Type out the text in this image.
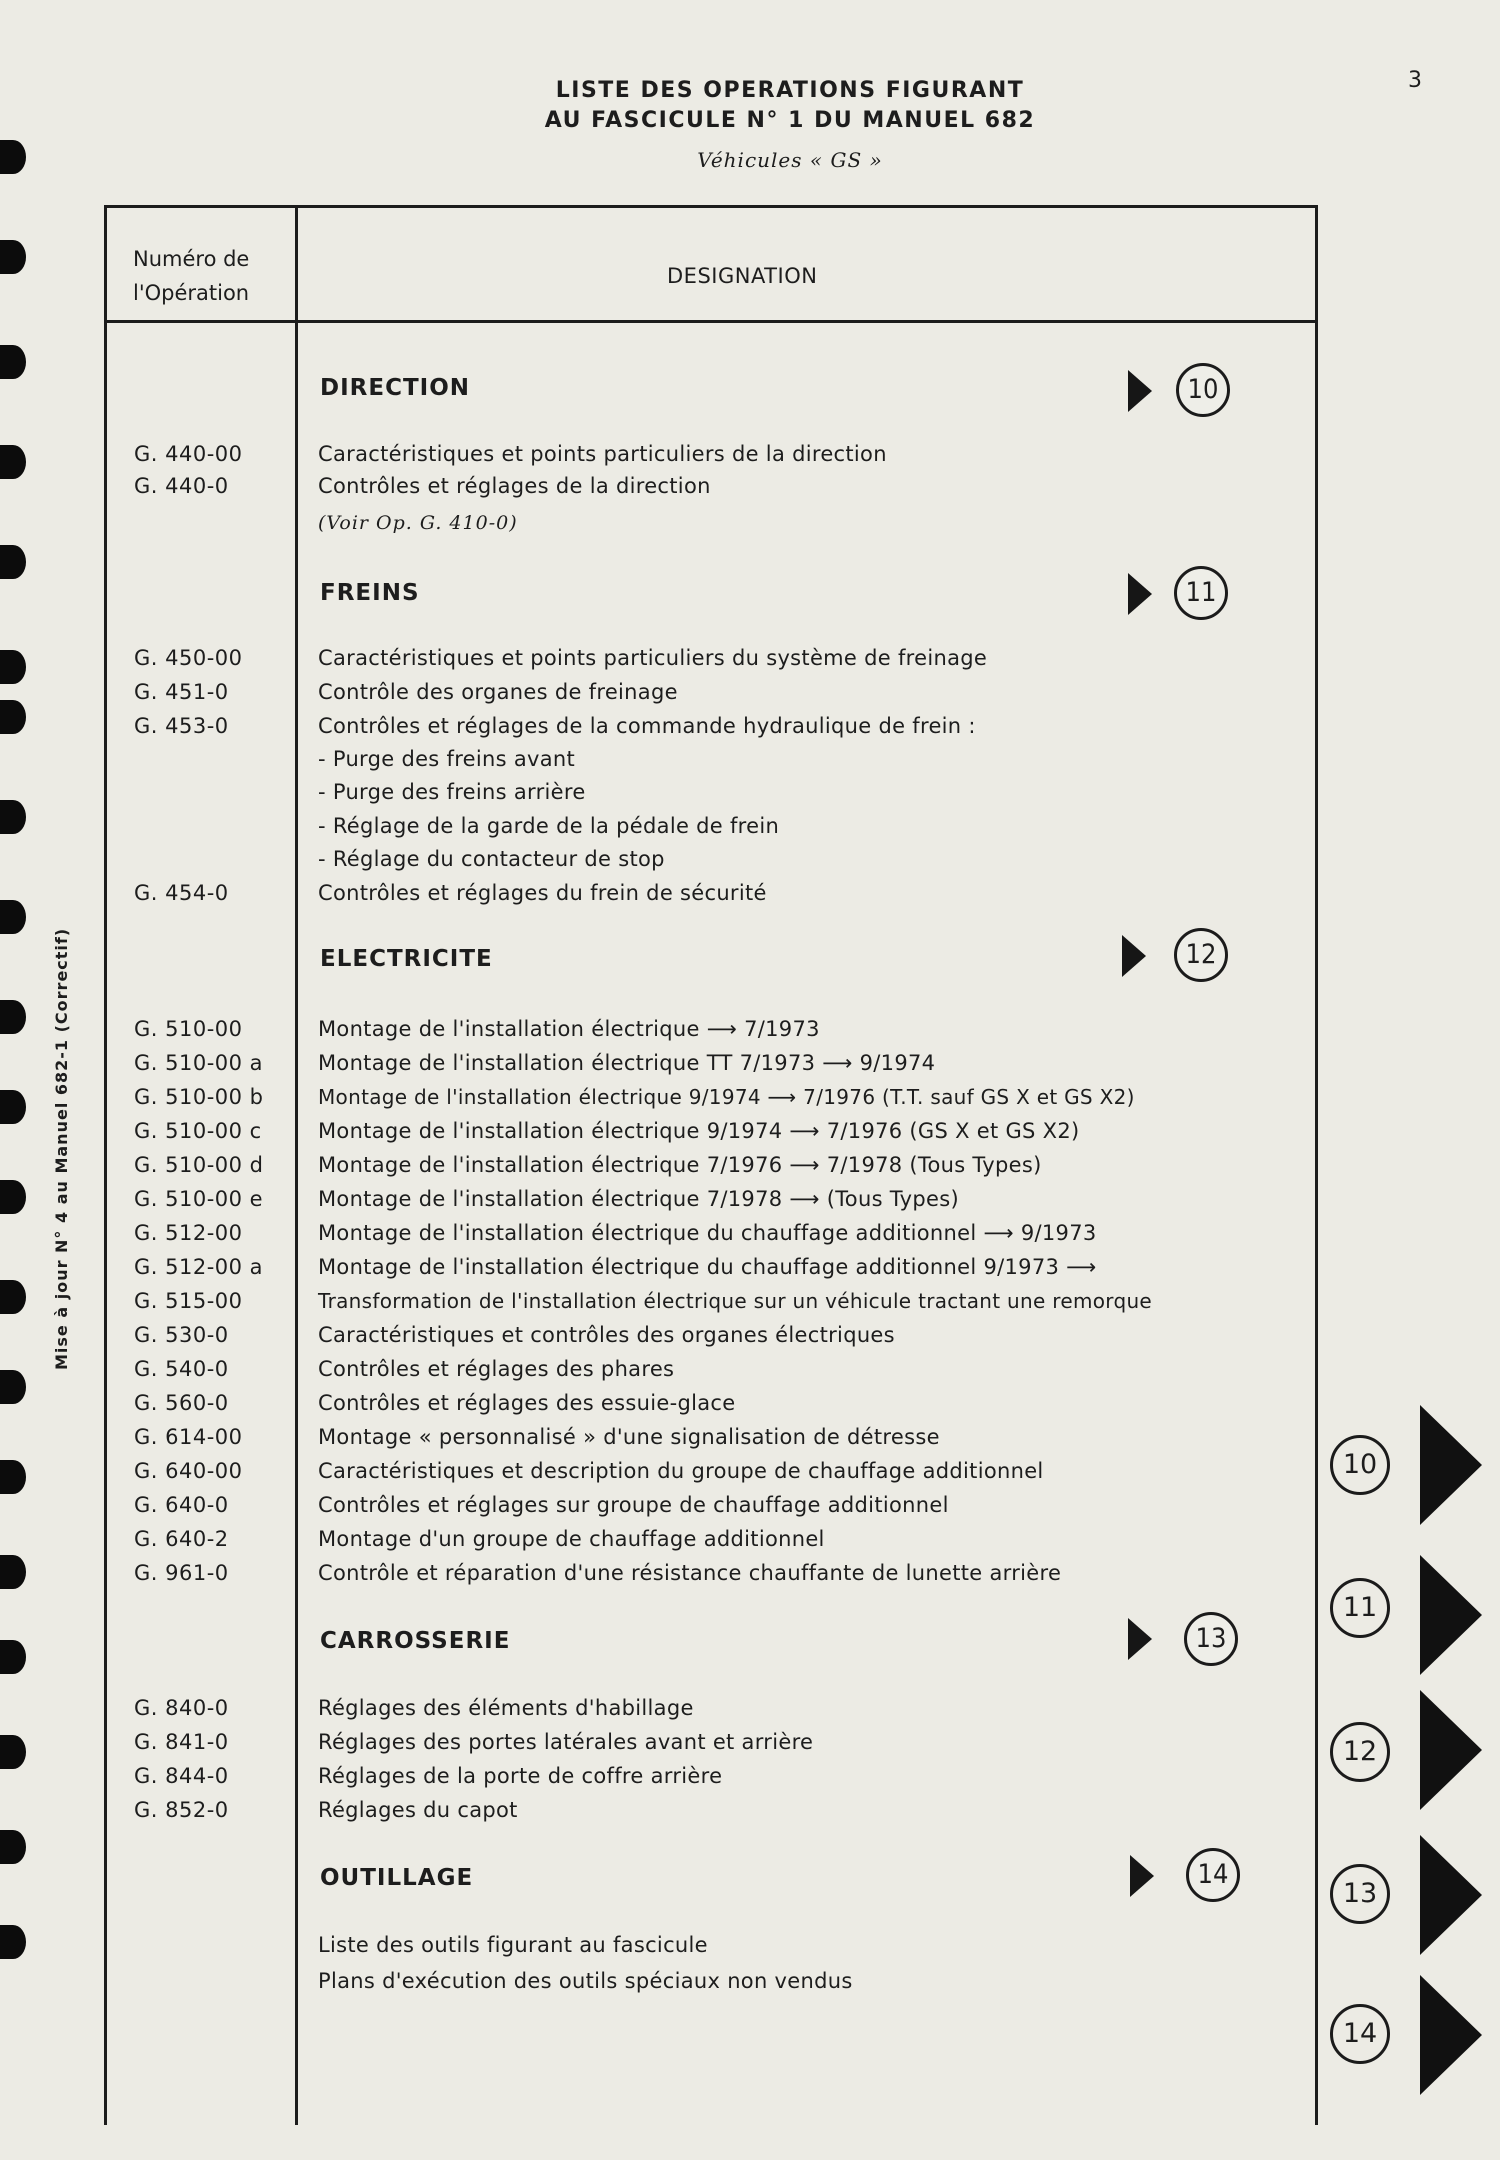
Mise à jour N° 4 au Manuel 682-1 (Correctif)
3
LISTE DES OPERATIONS FIGURANT
AU FASCICULE N° 1 DU MANUEL 682
Véhicules « GS »
Numéro de
l'Opération
DESIGNATION
DIRECTION	10
G. 440-00	Caractéristiques et points particuliers de la direction
G. 440-0	Contrôles et réglages de la direction
(Voir Op. G. 410-0)
FREINS	11
G. 450-00	Caractéristiques et points particuliers du système de freinage
G. 451-0	Contrôle des organes de freinage
G. 453-0	Contrôles et réglages de la commande hydraulique de frein :
- Purge des freins avant
- Purge des freins arrière
- Réglage de la garde de la pédale de frein
- Réglage du contacteur de stop
G. 454-0	Contrôles et réglages du frein de sécurité
ELECTRICITE	12
G. 510-00	Montage de l'installation électrique ⟶ 7/1973
G. 510-00 a	Montage de l'installation électrique TT 7/1973 ⟶ 9/1974
G. 510-00 b	Montage de l'installation électrique 9/1974 ⟶ 7/1976 (T.T. sauf GS X et GS X2)
G. 510-00 c	Montage de l'installation électrique 9/1974 ⟶ 7/1976 (GS X et GS X2)
G. 510-00 d	Montage de l'installation électrique 7/1976 ⟶ 7/1978 (Tous Types)
G. 510-00 e	Montage de l'installation électrique 7/1978 ⟶ (Tous Types)
G. 512-00	Montage de l'installation électrique du chauffage additionnel ⟶ 9/1973
G. 512-00 a	Montage de l'installation électrique du chauffage additionnel 9/1973 ⟶
G. 515-00	Transformation de l'installation électrique sur un véhicule tractant une remorque
G. 530-0	Caractéristiques et contrôles des organes électriques
G. 540-0	Contrôles et réglages des phares
G. 560-0	Contrôles et réglages des essuie-glace
G. 614-00	Montage « personnalisé » d'une signalisation de détresse
G. 640-00	Caractéristiques et description du groupe de chauffage additionnel
G. 640-0	Contrôles et réglages sur groupe de chauffage additionnel
G. 640-2	Montage d'un groupe de chauffage additionnel
G. 961-0	Contrôle et réparation d'une résistance chauffante de lunette arrière
CARROSSERIE	13
G. 840-0	Réglages des éléments d'habillage
G. 841-0	Réglages des portes latérales avant et arrière
G. 844-0	Réglages de la porte de coffre arrière
G. 852-0	Réglages du capot
OUTILLAGE	14
Liste des outils figurant au fascicule
Plans d'exécution des outils spéciaux non vendus
10
11
12
13
14
